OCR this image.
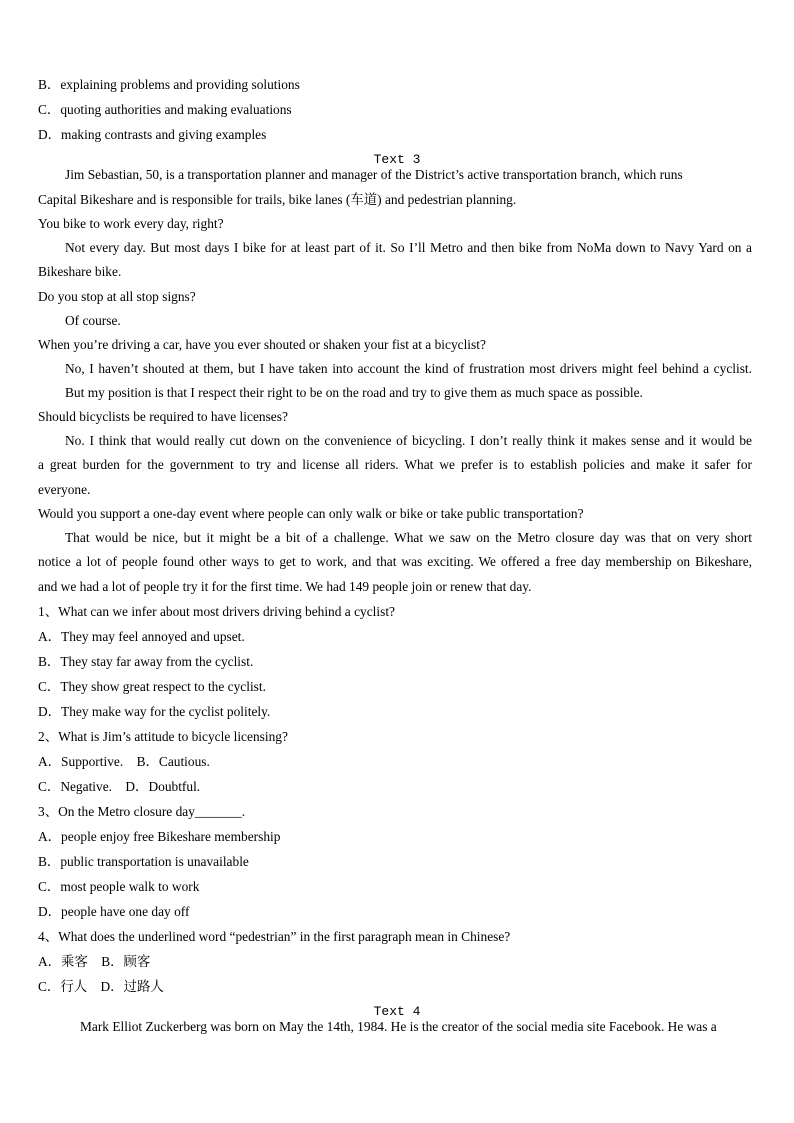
B．explaining problems and providing solutions
C．quoting authorities and making evaluations
D．making contrasts and giving examples
Text 3
Jim Sebastian, 50, is a transportation planner and manager of the District’s active transportation branch, which runs
Capital Bikeshare and is responsible for trails, bike lanes (车道) and pedestrian planning.
You bike to work every day, right?
Not every day. But most days I bike for at least part of it. So I’ll Metro and then bike from NoMa down to Navy Yard on a
Bikeshare bike.
Do you stop at all stop signs?
Of course.
When you’re driving a car, have you ever shouted or shaken your fist at a bicyclist?
No, I haven’t shouted at them, but I have taken into account the kind of frustration most drivers might feel behind a cyclist.
But my position is that I respect their right to be on the road and try to give them as much space as possible.
Should bicyclists be required to have licenses?
No. I think that would really cut down on the convenience of bicycling. I don’t really think it makes sense and it would be
a great burden for the government to try and license all riders. What we prefer is to establish policies and make it safer for
everyone.
Would you support a one-day event where people can only walk or bike or take public transportation?
That would be nice, but it might be a bit of a challenge. What we saw on the Metro closure day was that on very short
notice a lot of people found other ways to get to work, and that was exciting. We offered a free day membership on Bikeshare,
and we had a lot of people try it for the first time. We had 149 people join or renew that day.
1、What can we infer about most drivers driving behind a cyclist?
A．They may feel annoyed and upset.
B．They stay far away from the cyclist.
C．They show great respect to the cyclist.
D．They make way for the cyclist politely.
2、What is Jim’s attitude to bicycle licensing?
A．Supportive.    B．Cautious.
C．Negative.    D．Doubtful.
3、On the Metro closure day_______.
A．people enjoy free Bikeshare membership
B．public transportation is unavailable
C．most people walk to work
D．people have one day off
4、What does the underlined word “pedestrian” in the first paragraph mean in Chinese?
A．乘客    B．顾客
C．行人    D．过路人
Text 4
Mark Elliot Zuckerberg was born on May the 14th, 1984. He is the creator of the social media site Facebook. He was a
